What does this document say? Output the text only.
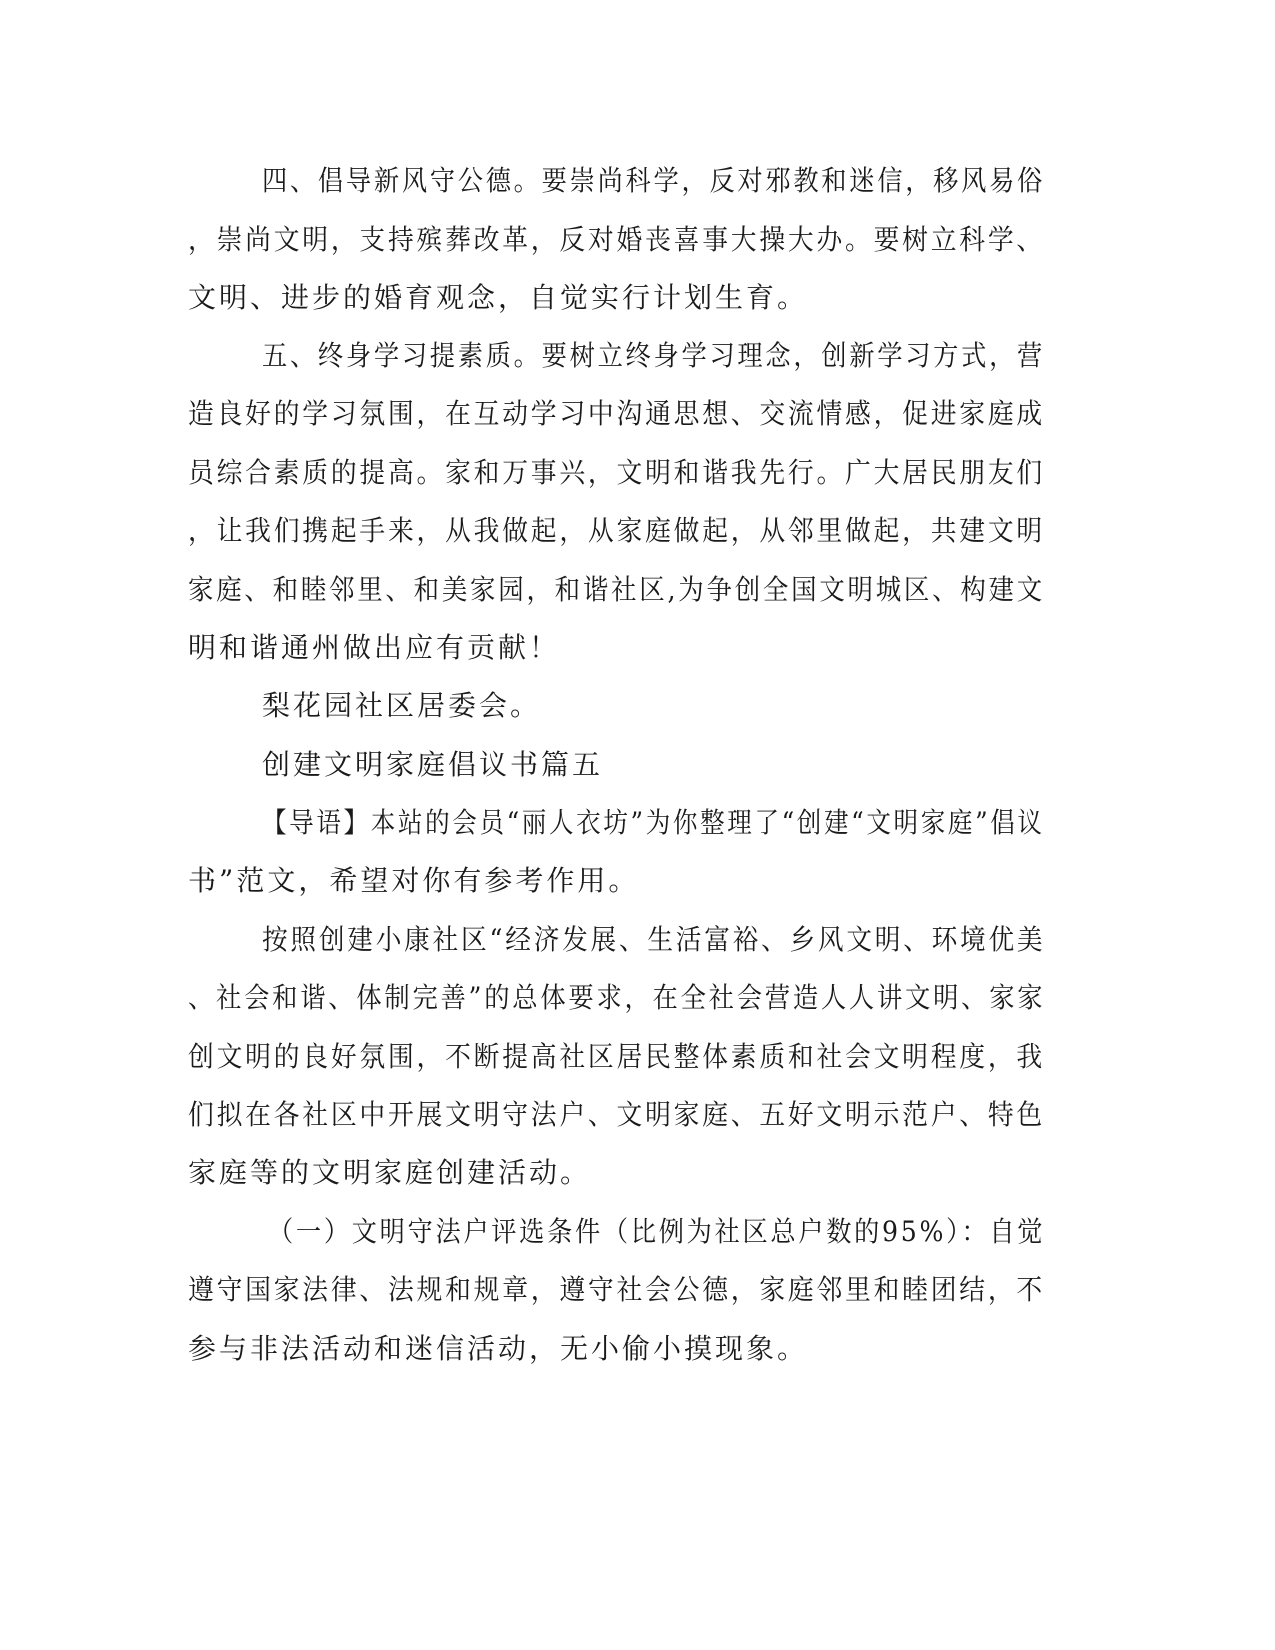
四、倡导新风守公德。要崇尚科学，反对邪教和迷信，移风易俗

，崇尚文明，支持殡葬改革，反对婚丧喜事大操大办。要树立科学、

文明、进步的婚育观念，自觉实行计划生育。

五、终身学习提素质。要树立终身学习理念，创新学习方式，营

造良好的学习氛围，在互动学习中沟通思想、交流情感，促进家庭成

员综合素质的提高。家和万事兴，文明和谐我先行。广大居民朋友们

，让我们携起手来，从我做起，从家庭做起，从邻里做起，共建文明

家庭、和睦邻里、和美家园，和谐社区,为争创全国文明城区、构建文

明和谐通州做出应有贡献！

梨花园社区居委会。

创建文明家庭倡议书篇五

【导语】本站的会员“丽人衣坊”为你整理了“创建“文明家庭”倡议

书”范文，希望对你有参考作用。

按照创建小康社区“经济发展、生活富裕、乡风文明、环境优美

、社会和谐、体制完善”的总体要求，在全社会营造人人讲文明、家家

创文明的良好氛围，不断提高社区居民整体素质和社会文明程度，我

们拟在各社区中开展文明守法户、文明家庭、五好文明示范户、特色

家庭等的文明家庭创建活动。

（一）文明守法户评选条件（比例为社区总户数的95%）：自觉

遵守国家法律、法规和规章，遵守社会公德，家庭邻里和睦团结，不

参与非法活动和迷信活动，无小偷小摸现象。
